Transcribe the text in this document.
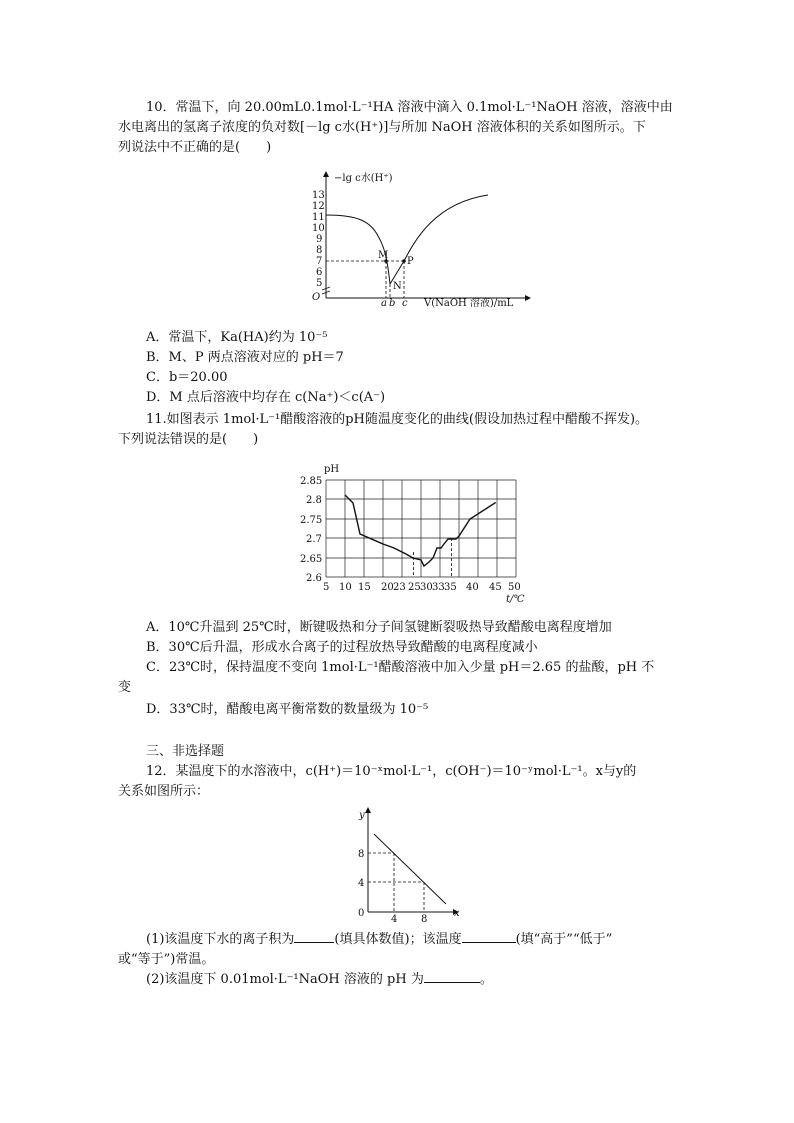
10．常温下，向 20.00mL0.1mol·L⁻¹HA 溶液中滴入 0.1mol·L⁻¹NaOH 溶液，溶液中由
水电离出的氢离子浓度的负对数[－lg c水(H⁺)]与所加 NaOH 溶液体积的关系如图所示。下
列说法中不正确的是(　　)
−lg c水(H⁺)
V(NaOH 溶液)/mL
O
13
12
11
10
9
8
7
6
5
M
N
P
a b c
A．常温下，Ka(HA)约为 10⁻⁵
B．M、P 两点溶液对应的 pH＝7
C．b＝20.00
D．M 点后溶液中均存在 c(Na⁺)＜c(A⁻)
11.如图表示 1mol·L⁻¹醋酸溶液的pH随温度变化的曲线(假设加热过程中醋酸不挥发)。
下列说法错误的是(　　)
pH
2.85
2.8
2.75
2.7
2.65
2.6
5 10 15 20 23 25 30 33 35 40 45 50
t/℃
A．10℃升温到 25℃时，断键吸热和分子间氢键断裂吸热导致醋酸电离程度增加
B．30℃后升温，形成水合离子的过程放热导致醋酸的电离程度减小
C．23℃时，保持温度不变向 1mol·L⁻¹醋酸溶液中加入少量 pH＝2.65 的盐酸，pH 不
变
D．33℃时，醋酸电离平衡常数的数量级为 10⁻⁵
三、非选择题
12．某温度下的水溶液中，c(H⁺)＝10⁻ˣmol·L⁻¹，c(OH⁻)＝10⁻ʸmol·L⁻¹。x与y的
关系如图所示：
y
x
8
4
0
4 8
(1)该温度下水的离子积为	(填具体数值)；该温度	(填“高于”“低于”
或“等于”)常温。
(2)该温度下 0.01mol·L⁻¹NaOH 溶液的 pH 为	。
